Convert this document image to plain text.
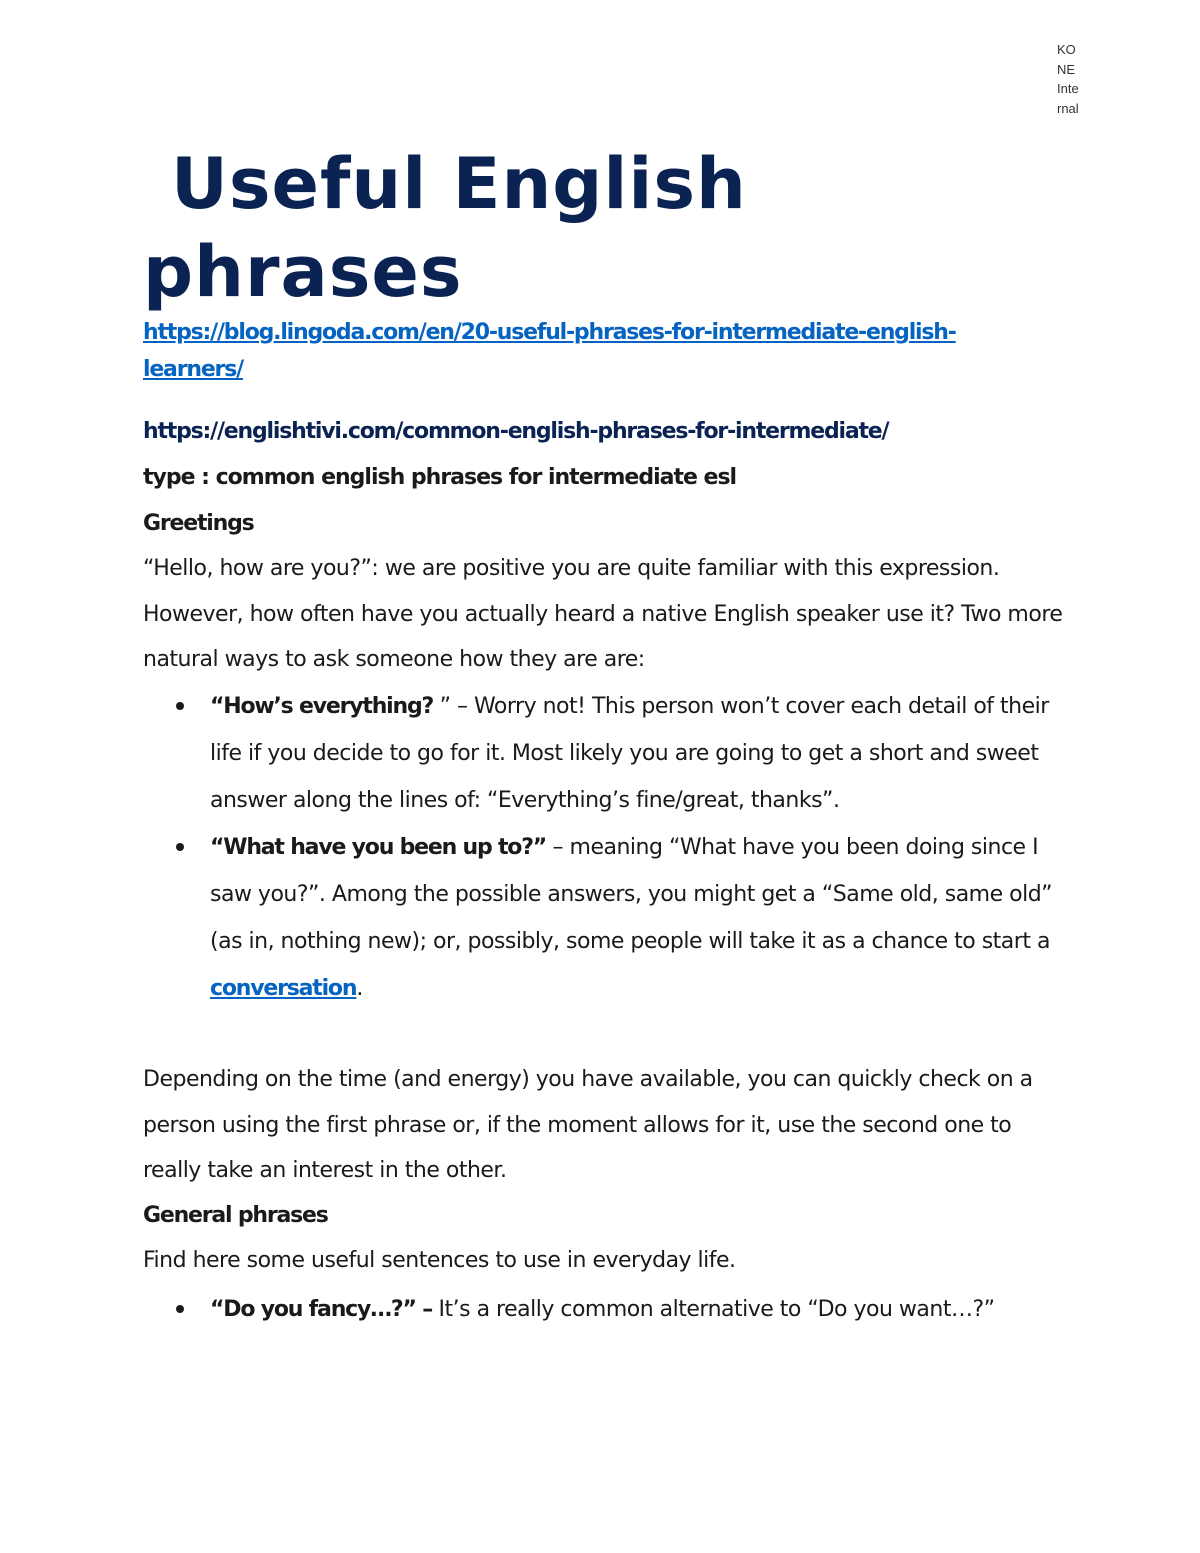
KO
NE
Inte
rnal
Useful English
phrases
https://blog.lingoda.com/en/20-useful-phrases-for-intermediate-english-learners/
https://englishtivi.com/common-english-phrases-for-intermediate/
type : common english phrases for intermediate esl
Greetings
“Hello, how are you?”: we are positive you are quite familiar with this expression. However, how often have you actually heard a native English speaker use it? Two more natural ways to ask someone how they are are:
“How’s everything? ” – Worry not! This person won’t cover each detail of their life if you decide to go for it. Most likely you are going to get a short and sweet answer along the lines of: “Everything’s fine/great, thanks”.
“What have you been up to?” – meaning “What have you been doing since I saw you?”. Among the possible answers, you might get a “Same old, same old” (as in, nothing new); or, possibly, some people will take it as a chance to start a conversation.
Depending on the time (and energy) you have available, you can quickly check on a person using the first phrase or, if the moment allows for it, use the second one to really take an interest in the other.
General phrases
Find here some useful sentences to use in everyday life.
“Do you fancy…?” – It’s a really common alternative to “Do you want…?”
